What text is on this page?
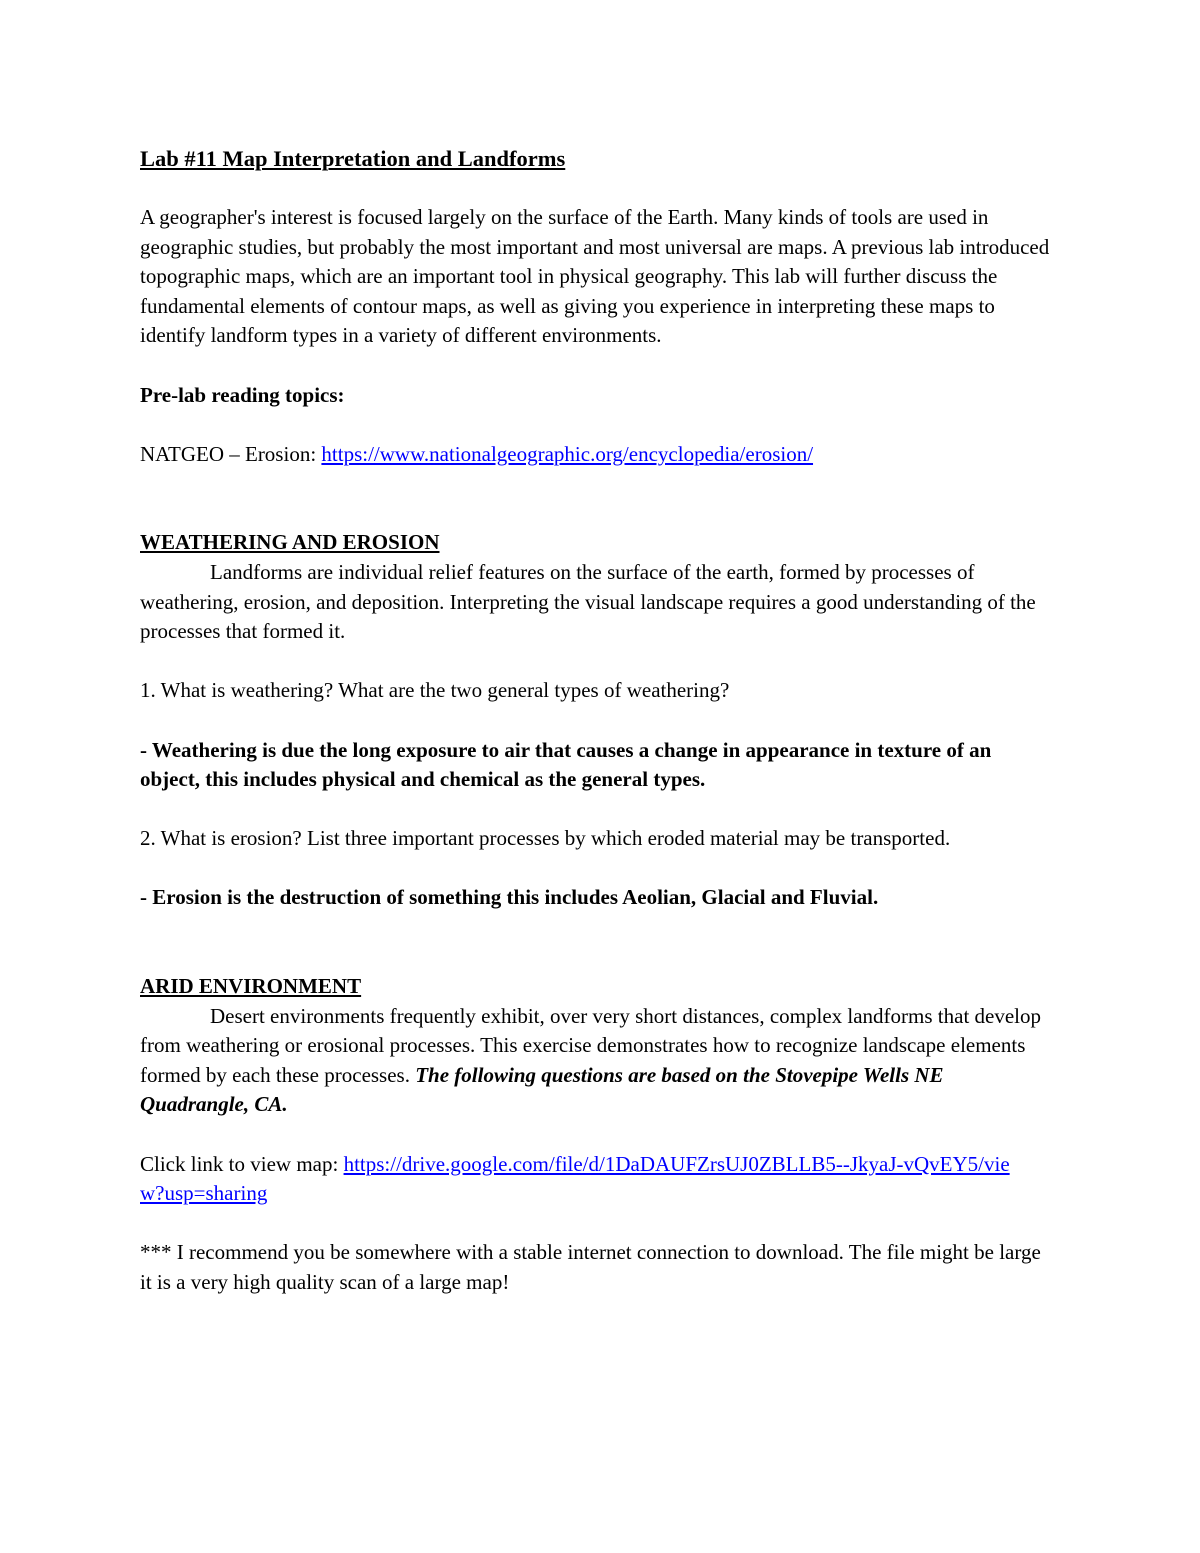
Lab #11 Map Interpretation and Landforms

A geographer's interest is focused largely on the surface of the Earth. Many kinds of tools are used in geographic studies, but probably the most important and most universal are maps. A previous lab introduced topographic maps, which are an important tool in physical geography. This lab will further discuss the fundamental elements of contour maps, as well as giving you experience in interpreting these maps to identify landform types in a variety of different environments.

Pre-lab reading topics:

NATGEO – Erosion: https://www.nationalgeographic.org/encyclopedia/erosion/

WEATHERING AND EROSION

Landforms are individual relief features on the surface of the earth, formed by processes of weathering, erosion, and deposition. Interpreting the visual landscape requires a good understanding of the processes that formed it.

1. What is weathering? What are the two general types of weathering?

- Weathering is due the long exposure to air that causes a change in appearance in texture of an object, this includes physical and chemical as the general types.

2. What is erosion? List three important processes by which eroded material may be transported.

- Erosion is the destruction of something this includes Aeolian, Glacial and Fluvial.

ARID ENVIRONMENT

Desert environments frequently exhibit, over very short distances, complex landforms that develop from weathering or erosional processes. This exercise demonstrates how to recognize landscape elements formed by each these processes. The following questions are based on the Stovepipe Wells NE Quadrangle, CA.

Click link to view map: https://drive.google.com/file/d/1DaDAUFZrsUJ0ZBLLB5--JkyaJ-vQvEY5/view?usp=sharing

*** I recommend you be somewhere with a stable internet connection to download. The file might be large it is a very high quality scan of a large map!
